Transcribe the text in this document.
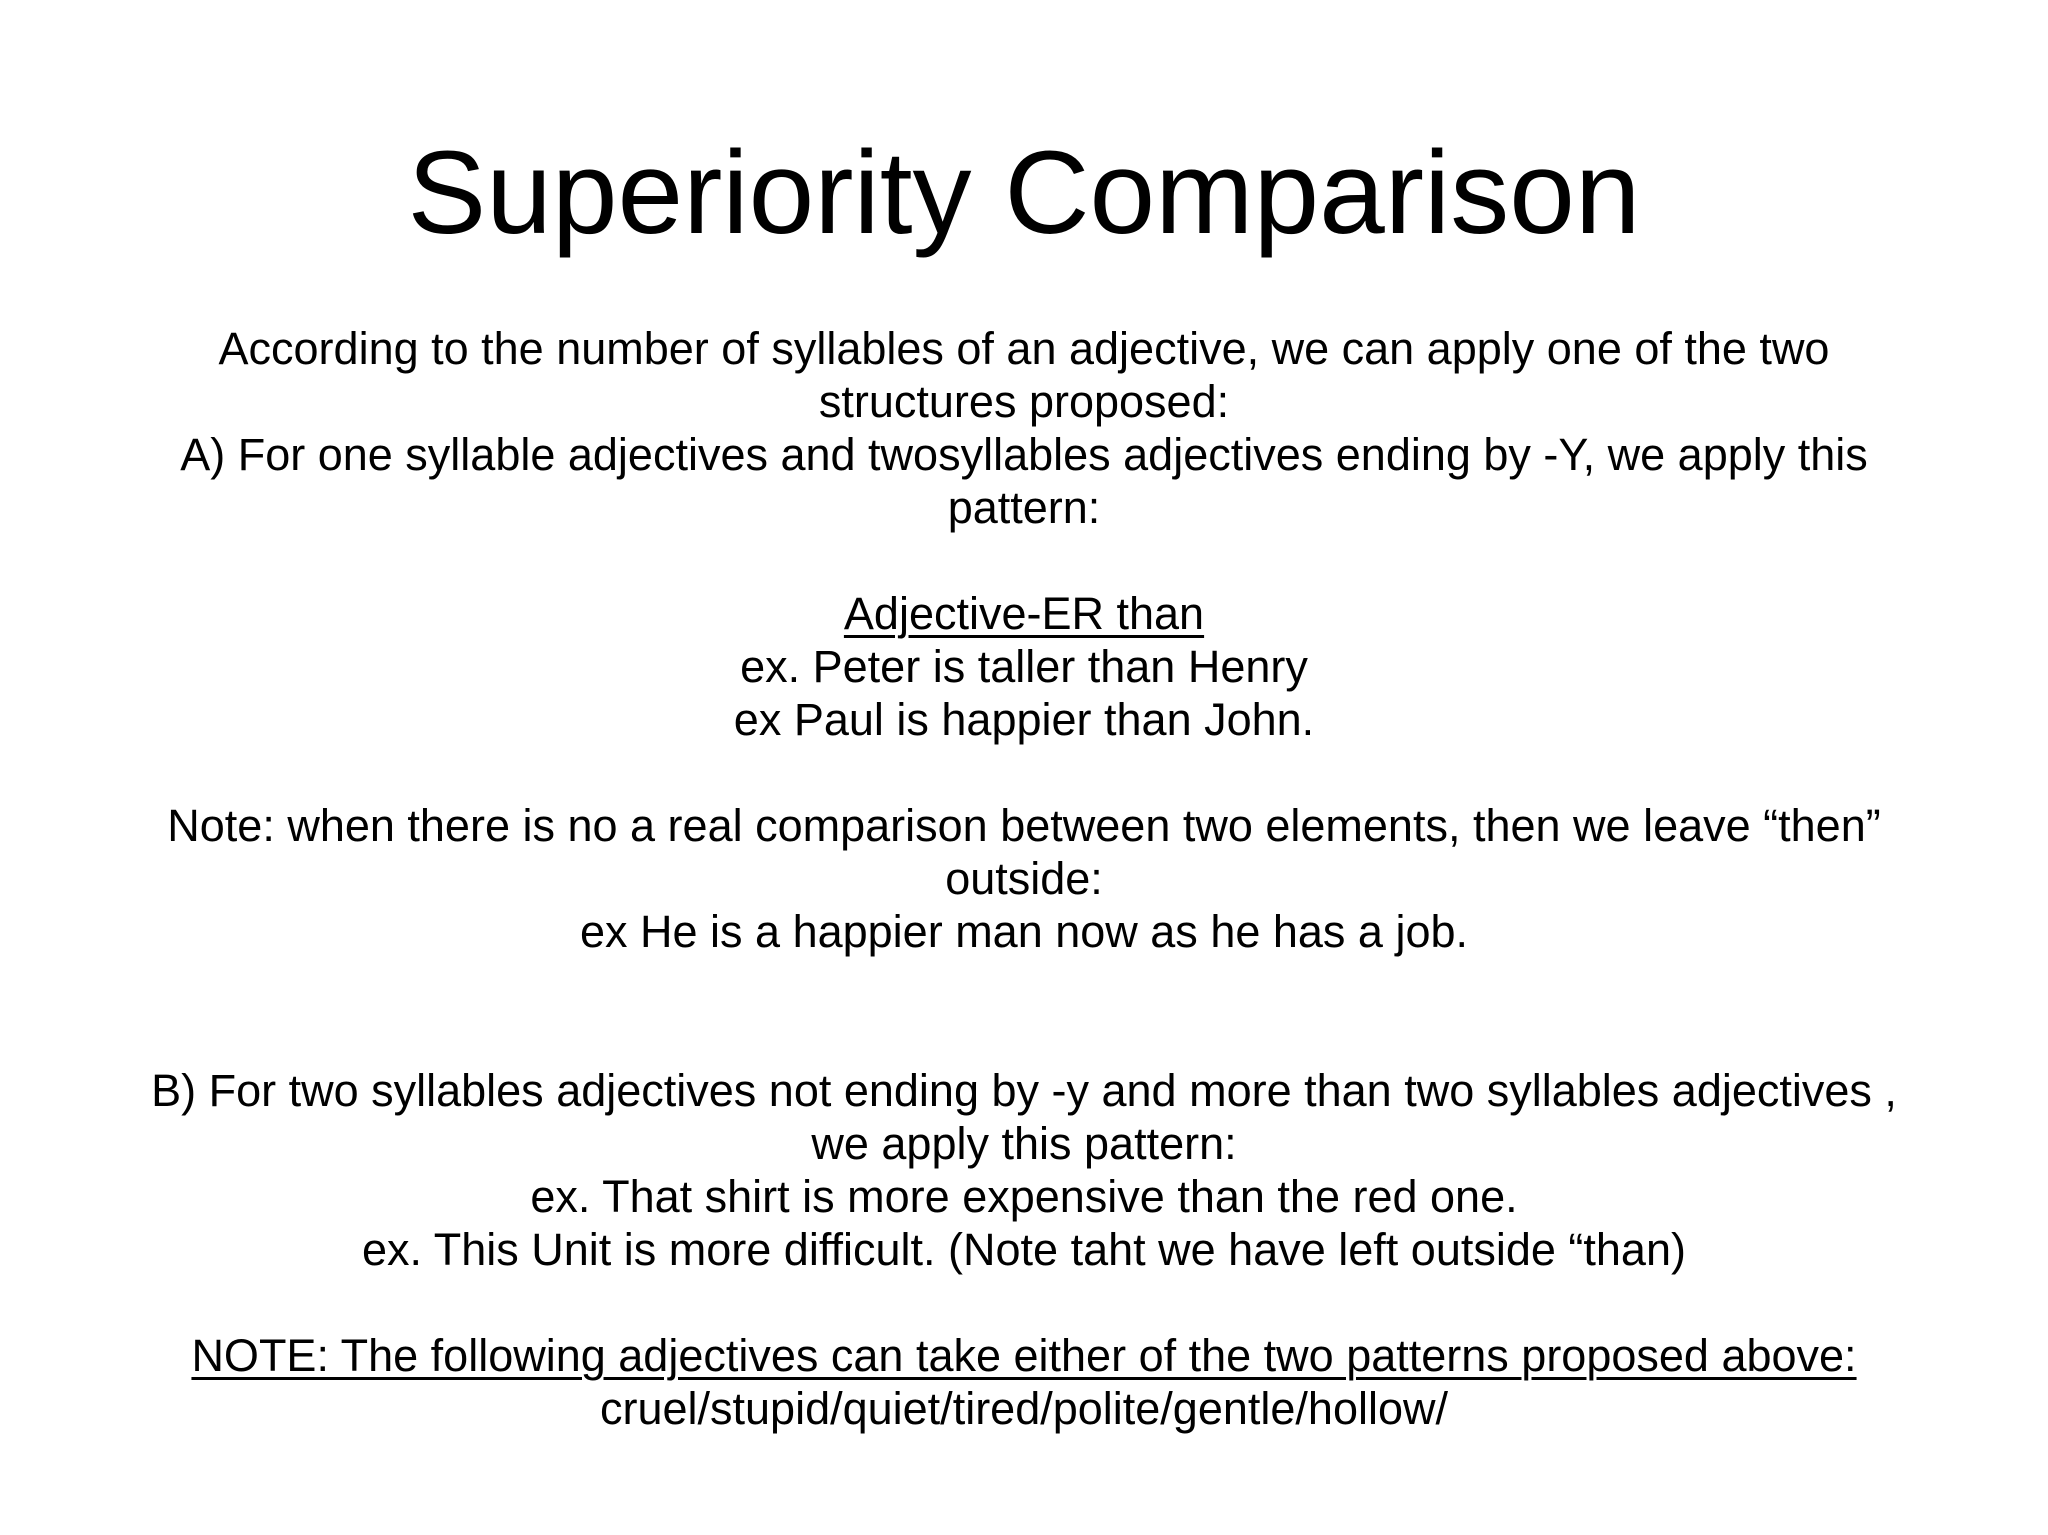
Superiority Comparison
According to the number of syllables of an adjective, we can apply one of the two
structures proposed:
A) For one syllable adjectives and twosyllables adjectives ending by -Y, we apply this
pattern:
Adjective-ER than
ex. Peter is taller than Henry
ex Paul is happier than John.
Note: when there is no a real comparison between two elements, then we leave “then”
outside:
ex He is a happier man now as he has a job.
B) For two syllables adjectives not ending by -y and more than two syllables adjectives ,
we apply this pattern:
ex. That shirt is more expensive than the red one.
ex. This Unit is more difficult. (Note taht we have left outside “than)
NOTE: The following adjectives can take either of the two patterns proposed above:
cruel/stupid/quiet/tired/polite/gentle/hollow/
